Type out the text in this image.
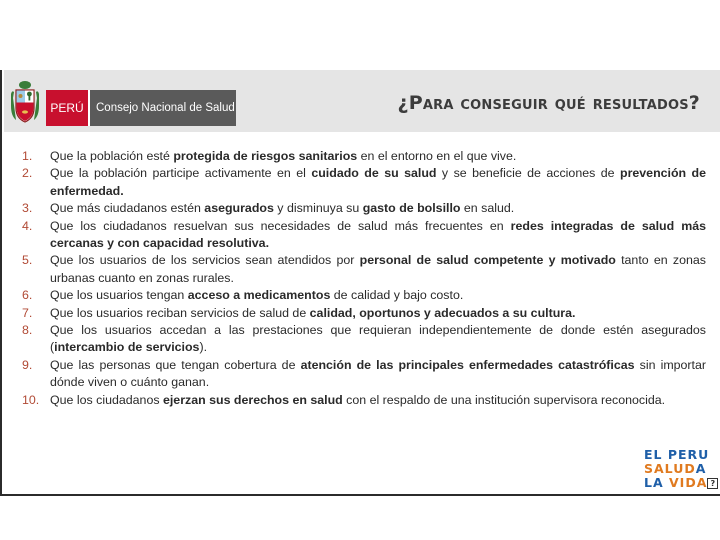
PERÚ	Consejo Nacional de Salud	¿Para conseguir qué resultados?
1.	Que la población esté protegida de riesgos sanitarios en el entorno en el que vive.
2.	Que la población participe activamente en el cuidado de su salud y se beneficie de acciones de prevención de enfermedad.
3.	Que más ciudadanos estén asegurados y disminuya su gasto de bolsillo en salud.
4.	Que los ciudadanos resuelvan sus necesidades de salud más frecuentes en redes integradas de salud más cercanas y con capacidad resolutiva.
5.	Que los usuarios de los servicios sean atendidos por personal de salud competente y motivado tanto en zonas urbanas cuanto en zonas rurales.
6.	Que los usuarios tengan acceso a medicamentos de calidad y bajo costo.
7.	Que los usuarios reciban servicios de salud de calidad, oportunos y adecuados a su cultura.
8.	Que los usuarios accedan a las prestaciones que requieran independientemente de donde estén asegurados (intercambio de servicios).
9.	Que las personas que tengan cobertura de atención de las principales enfermedades catastróficas sin importar dónde viven o cuánto ganan.
10. Que los ciudadanos ejerzan sus derechos en salud con el respaldo de una institución supervisora reconocida.
EL PERU
SALUDA
LA VIDA ?
